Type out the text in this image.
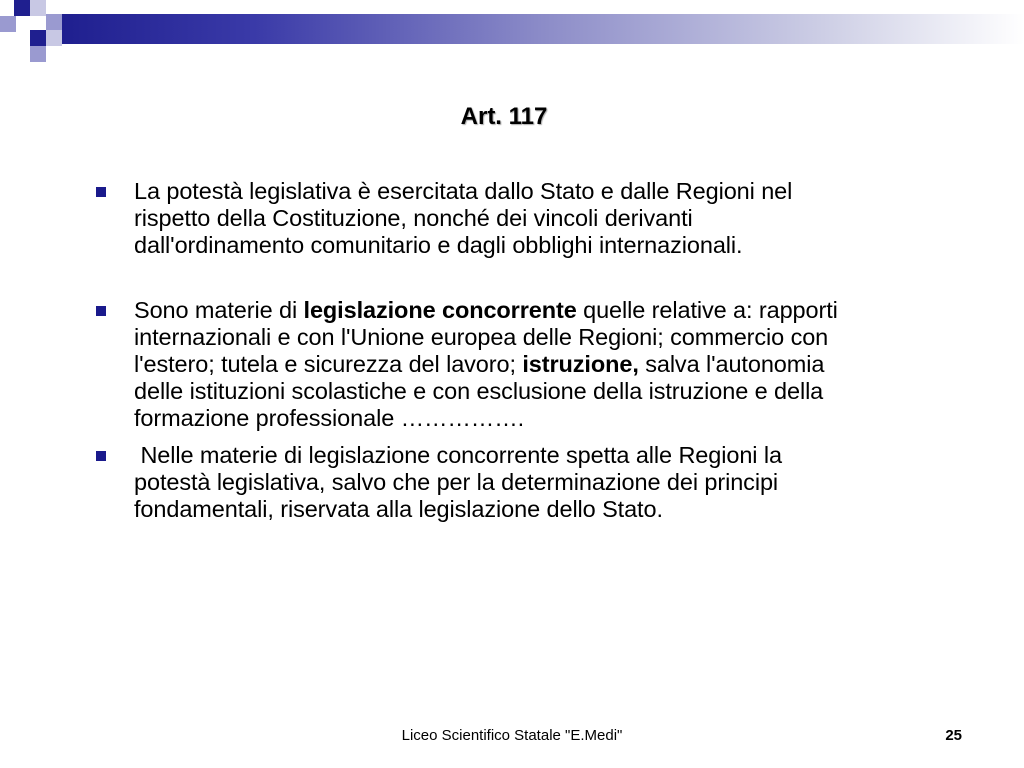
Art. 117
La potestà legislativa è esercitata dallo Stato e dalle Regioni nel rispetto della Costituzione, nonché dei vincoli derivanti dall'ordinamento comunitario e dagli obblighi internazionali.
Sono materie di legislazione concorrente quelle relative a: rapporti internazionali e con l'Unione europea delle Regioni; commercio con l'estero; tutela e sicurezza del lavoro; istruzione, salva l'autonomia delle istituzioni scolastiche e con esclusione della istruzione e della formazione professionale …………….
Nelle materie di legislazione concorrente spetta alle Regioni la potestà legislativa, salvo che per la determinazione dei principi fondamentali, riservata alla legislazione dello Stato.
Liceo Scientifico Statale "E.Medi"	25
